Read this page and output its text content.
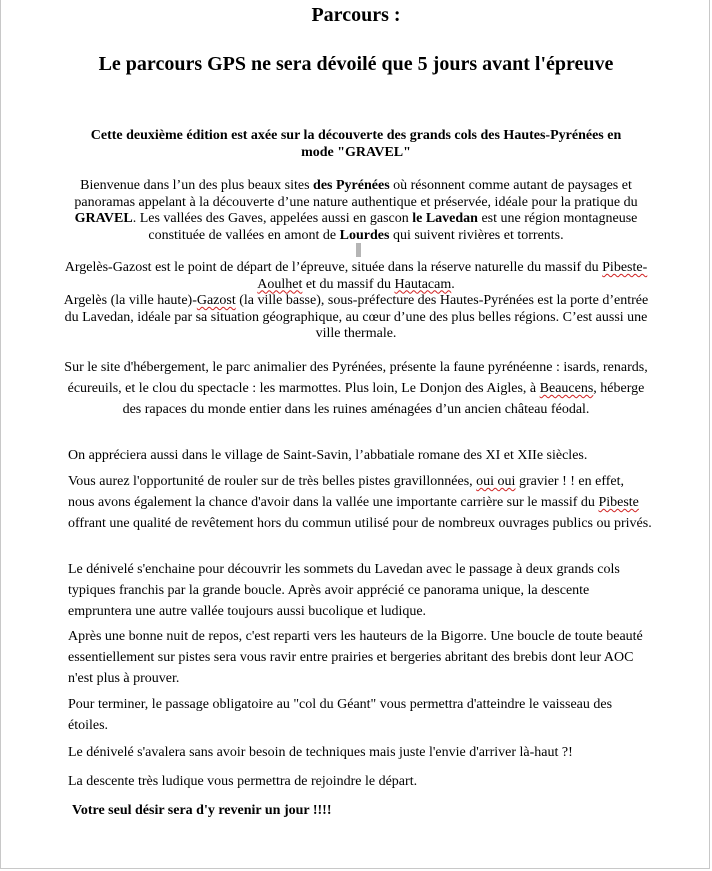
Parcours :
Le parcours GPS ne sera dévoilé que 5 jours avant l'épreuve
Cette deuxième édition est axée sur la découverte des grands cols des Hautes-Pyrénées en
mode "GRAVEL"
Bienvenue dans l’un des plus beaux sites des Pyrénées où résonnent comme autant de paysages et panoramas appelant à la découverte d’une nature authentique et préservée, idéale pour la pratique du GRAVEL. Les vallées des Gaves, appelées aussi en gascon le Lavedan est une région montagneuse constituée de vallées en amont de Lourdes qui suivent rivières et torrents.
Argelès-Gazost est le point de départ de l’épreuve, située dans la réserve naturelle du massif du Pibeste-Aoulhet et du massif du Hautacam.
Argelès (la ville haute)-Gazost (la ville basse), sous-préfecture des Hautes-Pyrénées est la porte d’entrée du Lavedan, idéale par sa situation géographique, au cœur d’une des plus belles régions. C’est aussi une ville thermale.
Sur le site d'hébergement, le parc animalier des Pyrénées, présente la faune pyrénéenne : isards, renards, écureuils, et le clou du spectacle : les marmottes. Plus loin, Le Donjon des Aigles, à Beaucens, héberge des rapaces du monde entier dans les ruines aménagées d’un ancien château féodal.
On appréciera aussi dans le village de Saint-Savin, l’abbatiale romane des XI et XIIe siècles.
Vous aurez l'opportunité de rouler sur de très belles pistes gravillonnées, oui oui gravier ! ! en effet, nous avons également la chance d'avoir dans la vallée une importante carrière sur le massif du Pibeste offrant une qualité de revêtement hors du commun utilisé pour de nombreux ouvrages publics ou privés.
Le dénivelé s'enchaine pour découvrir les sommets du Lavedan avec le passage à deux grands cols typiques franchis par la grande boucle. Après avoir apprécié ce panorama unique, la descente empruntera une autre vallée toujours aussi bucolique et ludique.
Après une bonne nuit de repos, c'est reparti vers les hauteurs de la Bigorre. Une boucle de toute beauté essentiellement sur pistes sera vous ravir entre prairies et bergeries abritant des brebis dont leur AOC n'est plus à prouver.
Pour terminer, le passage obligatoire au "col du Géant" vous permettra d'atteindre le vaisseau des étoiles.
Le dénivelé s'avalera sans avoir besoin de techniques mais juste l'envie d'arriver là-haut ?!
La descente très ludique vous permettra de rejoindre le départ.
Votre seul désir sera d'y revenir un jour !!!!
